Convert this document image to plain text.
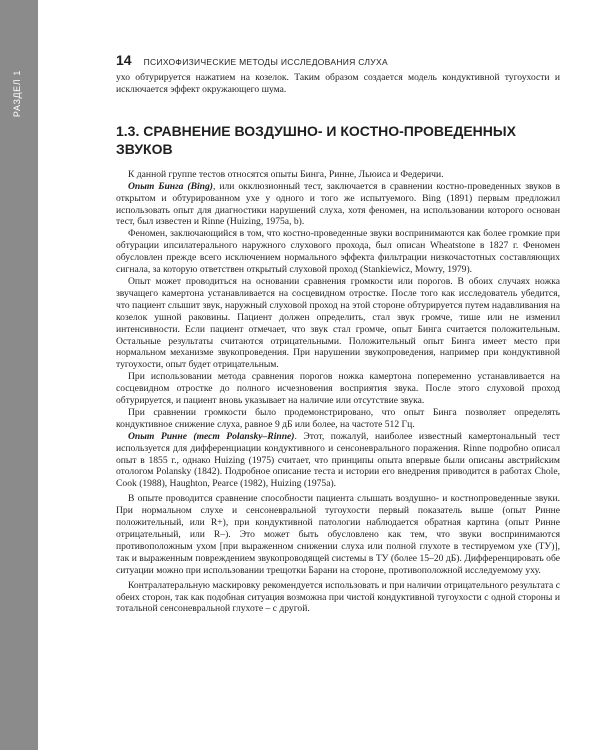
РАЗДЕЛ 1
14 ПСИХОФИЗИЧЕСКИЕ МЕТОДЫ ИССЛЕДОВАНИЯ СЛУХА

ухо обтурируется нажатием на козелок. Таким образом создается модель кондуктивной тугоухости и исключается эффект окружающего шума.

1.3. СРАВНЕНИЕ ВОЗДУШНО- И КОСТНО-ПРОВЕДЕННЫХ ЗВУКОВ

К данной группе тестов относятся опыты Бинга, Ринне, Льюиса и Федеричи.

Опыт Бинга (Bing), или окклюзионный тест, заключается в сравнении костно-проведенных звуков в открытом и обтурированном ухе у одного и того же испытуемого. Bing (1891) первым предложил использовать опыт для диагностики нарушений слуха, хотя феномен, на использовании которого основан тест, был известен и Rinne (Huizing, 1975a, b).

Феномен, заключающийся в том, что костно-проведенные звуки воспринимаются как более громкие при обтурации ипсилатерального наружного слухового прохода, был описан Wheatstone в 1827 г. Феномен обусловлен прежде всего исключением нормального эффекта фильтрации низкочастотных составляющих сигнала, за которую ответствен открытый слуховой проход (Stankiewicz, Mowry, 1979).

Опыт может проводиться на основании сравнения громкости или порогов. В обоих случаях ножка звучащего камертона устанавливается на сосцевидном отростке. После того как исследователь убедится, что пациент слышит звук, наружный слуховой проход на этой стороне обтурируется путем надавливания на козелок ушной раковины. Пациент должен определить, стал звук громче, тише или не изменил интенсивности. Если пациент отмечает, что звук стал громче, опыт Бинга считается положительным. Остальные результаты считаются отрицательными. Положительный опыт Бинга имеет место при нормальном механизме звукопроведения. При нарушении звукопроведения, например при кондуктивной тугоухости, опыт будет отрицательным.

При использовании метода сравнения порогов ножка камертона попеременно устанавливается на сосцевидном отростке до полного исчезновения восприятия звука. После этого слуховой проход обтурируется, и пациент вновь указывает на наличие или отсутствие звука.

При сравнении громкости было продемонстрировано, что опыт Бинга позволяет определять кондуктивное снижение слуха, равное 9 дБ или более, на частоте 512 Гц.

Опыт Ринне (тест Polansky–Rinne). Этот, пожалуй, наиболее известный камертональный тест используется для дифференциации кондуктивного и сенсоневрального поражения. Rinne подробно описал опыт в 1855 г., однако Huizing (1975) считает, что принципы опыта впервые были описаны австрийским отологом Polansky (1842). Подробное описание теста и истории его внедрения приводится в работах Chole, Cook (1988), Haughton, Pearce (1982), Huizing (1975a).

В опыте проводится сравнение способности пациента слышать воздушно- и костнопроведенные звуки. При нормальном слухе и сенсоневральной тугоухости первый показатель выше (опыт Ринне положительный, или R+), при кондуктивной патологии наблюдается обратная картина (опыт Ринне отрицательный, или R–). Это может быть обусловлено как тем, что звуки воспринимаются противоположным ухом [при выраженном снижении слуха или полной глухоте в тестируемом ухе (ТУ)], так и выраженным повреждением звукопроводящей системы в ТУ (более 15–20 дБ). Дифференцировать обе ситуации можно при использовании трещотки Барани на стороне, противоположной исследуемому уху.

Контралатеральную маскировку рекомендуется использовать и при наличии отрицательного результата с обеих сторон, так как подобная ситуация возможна при чистой кондуктивной тугоухости с одной стороны и тотальной сенсоневральной глухоте – с другой.
